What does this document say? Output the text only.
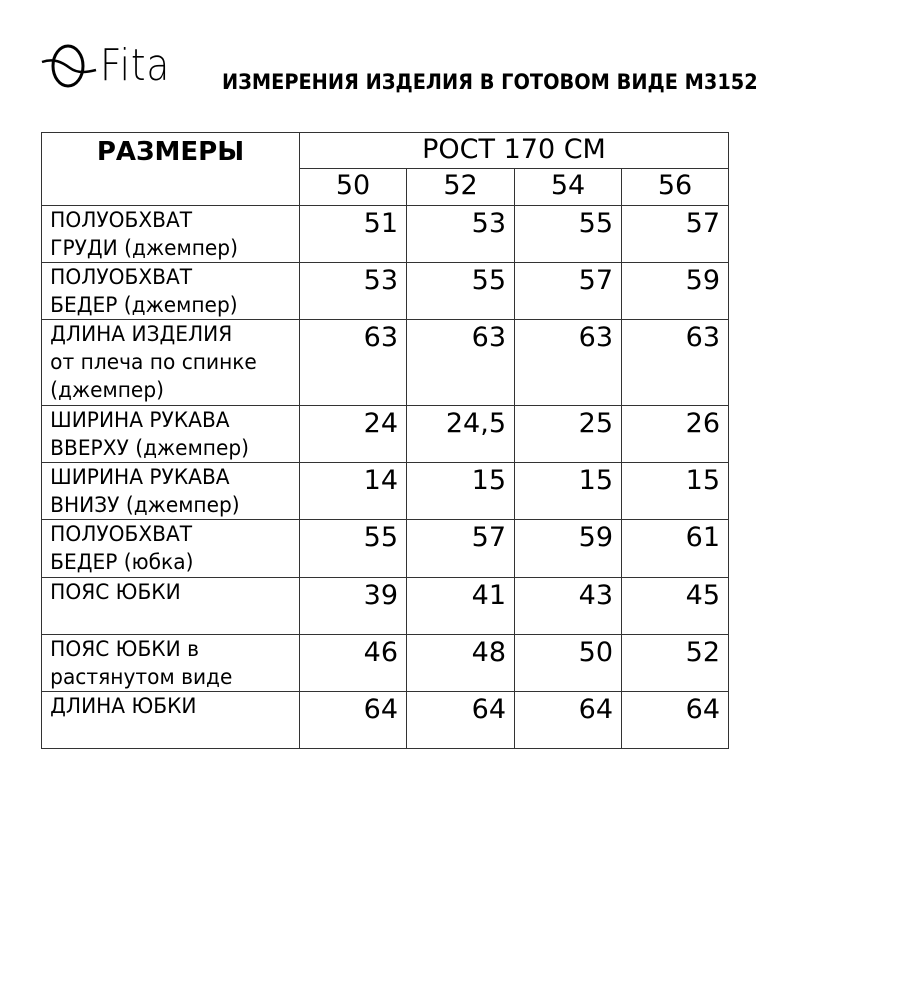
Fita ИЗМЕРЕНИЯ ИЗДЕЛИЯ В ГОТОВОМ ВИДЕ М3152
РАЗМЕРЫ	РОСТ 170 СМ			
	50	52	54	56

ПОЛУОБХВАТ
ГРУДИ (джемпер)	51	53	55	57

ПОЛУОБХВАТ
БЕДЕР (джемпер)	53	55	57	59

ДЛИНА ИЗДЕЛИЯ
от плеча по спинке
(джемпер)	63	63	63	63

ШИРИНА РУКАВА
ВВЕРХУ (джемпер)	24	24,5	25	26

ШИРИНА РУКАВА
ВНИЗУ (джемпер)	14	15	15	15

ПОЛУОБХВАТ
БЕДЕР (юбка)	55	57	59	61

ПОЯС ЮБКИ	39	41	43	45

ПОЯС ЮБКИ в
растянутом виде	46	48	50	52

ДЛИНА ЮБКИ	64	64	64	64
